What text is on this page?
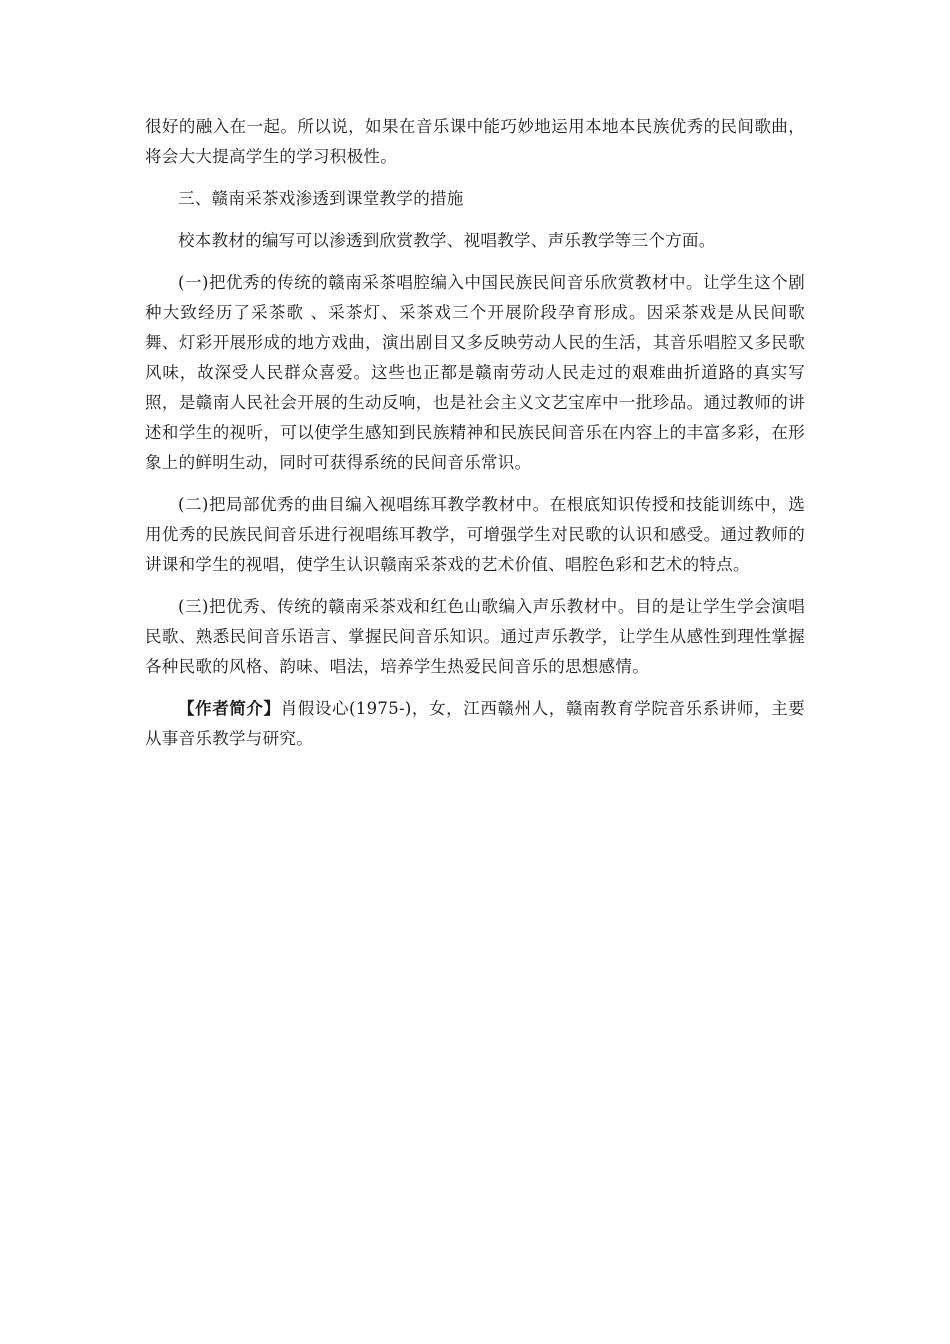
很好的融入在一起。所以说，如果在音乐课中能巧妙地运用本地本民族优秀的民间歌曲，将会大大提高学生的学习积极性。

三、赣南采茶戏渗透到课堂教学的措施

校本教材的编写可以渗透到欣赏教学、视唱教学、声乐教学等三个方面。

(一)把优秀的传统的赣南采茶唱腔编入中国民族民间音乐欣赏教材中。让学生这个剧种大致经历了采茶歌 、采茶灯、采茶戏三个开展阶段孕育形成。因采茶戏是从民间歌舞、灯彩开展形成的地方戏曲，演出剧目又多反映劳动人民的生活，其音乐唱腔又多民歌风味，故深受人民群众喜爱。这些也正都是赣南劳动人民走过的艰难曲折道路的真实写照，是赣南人民社会开展的生动反响，也是社会主义文艺宝库中一批珍品。通过教师的讲述和学生的视听，可以使学生感知到民族精神和民族民间音乐在内容上的丰富多彩，在形象上的鲜明生动，同时可获得系统的民间音乐常识。

(二)把局部优秀的曲目编入视唱练耳教学教材中。在根底知识传授和技能训练中，选用优秀的民族民间音乐进行视唱练耳教学，可增强学生对民歌的认识和感受。通过教师的讲课和学生的视唱，使学生认识赣南采茶戏的艺术价值、唱腔色彩和艺术的特点。

(三)把优秀、传统的赣南采茶戏和红色山歌编入声乐教材中。目的是让学生学会演唱民歌、熟悉民间音乐语言、掌握民间音乐知识。通过声乐教学，让学生从感性到理性掌握各种民歌的风格、韵味、唱法，培养学生热爱民间音乐的思想感情。

【作者简介】肖假设心(1975-)，女，江西赣州人，赣南教育学院音乐系讲师，主要从事音乐教学与研究。
